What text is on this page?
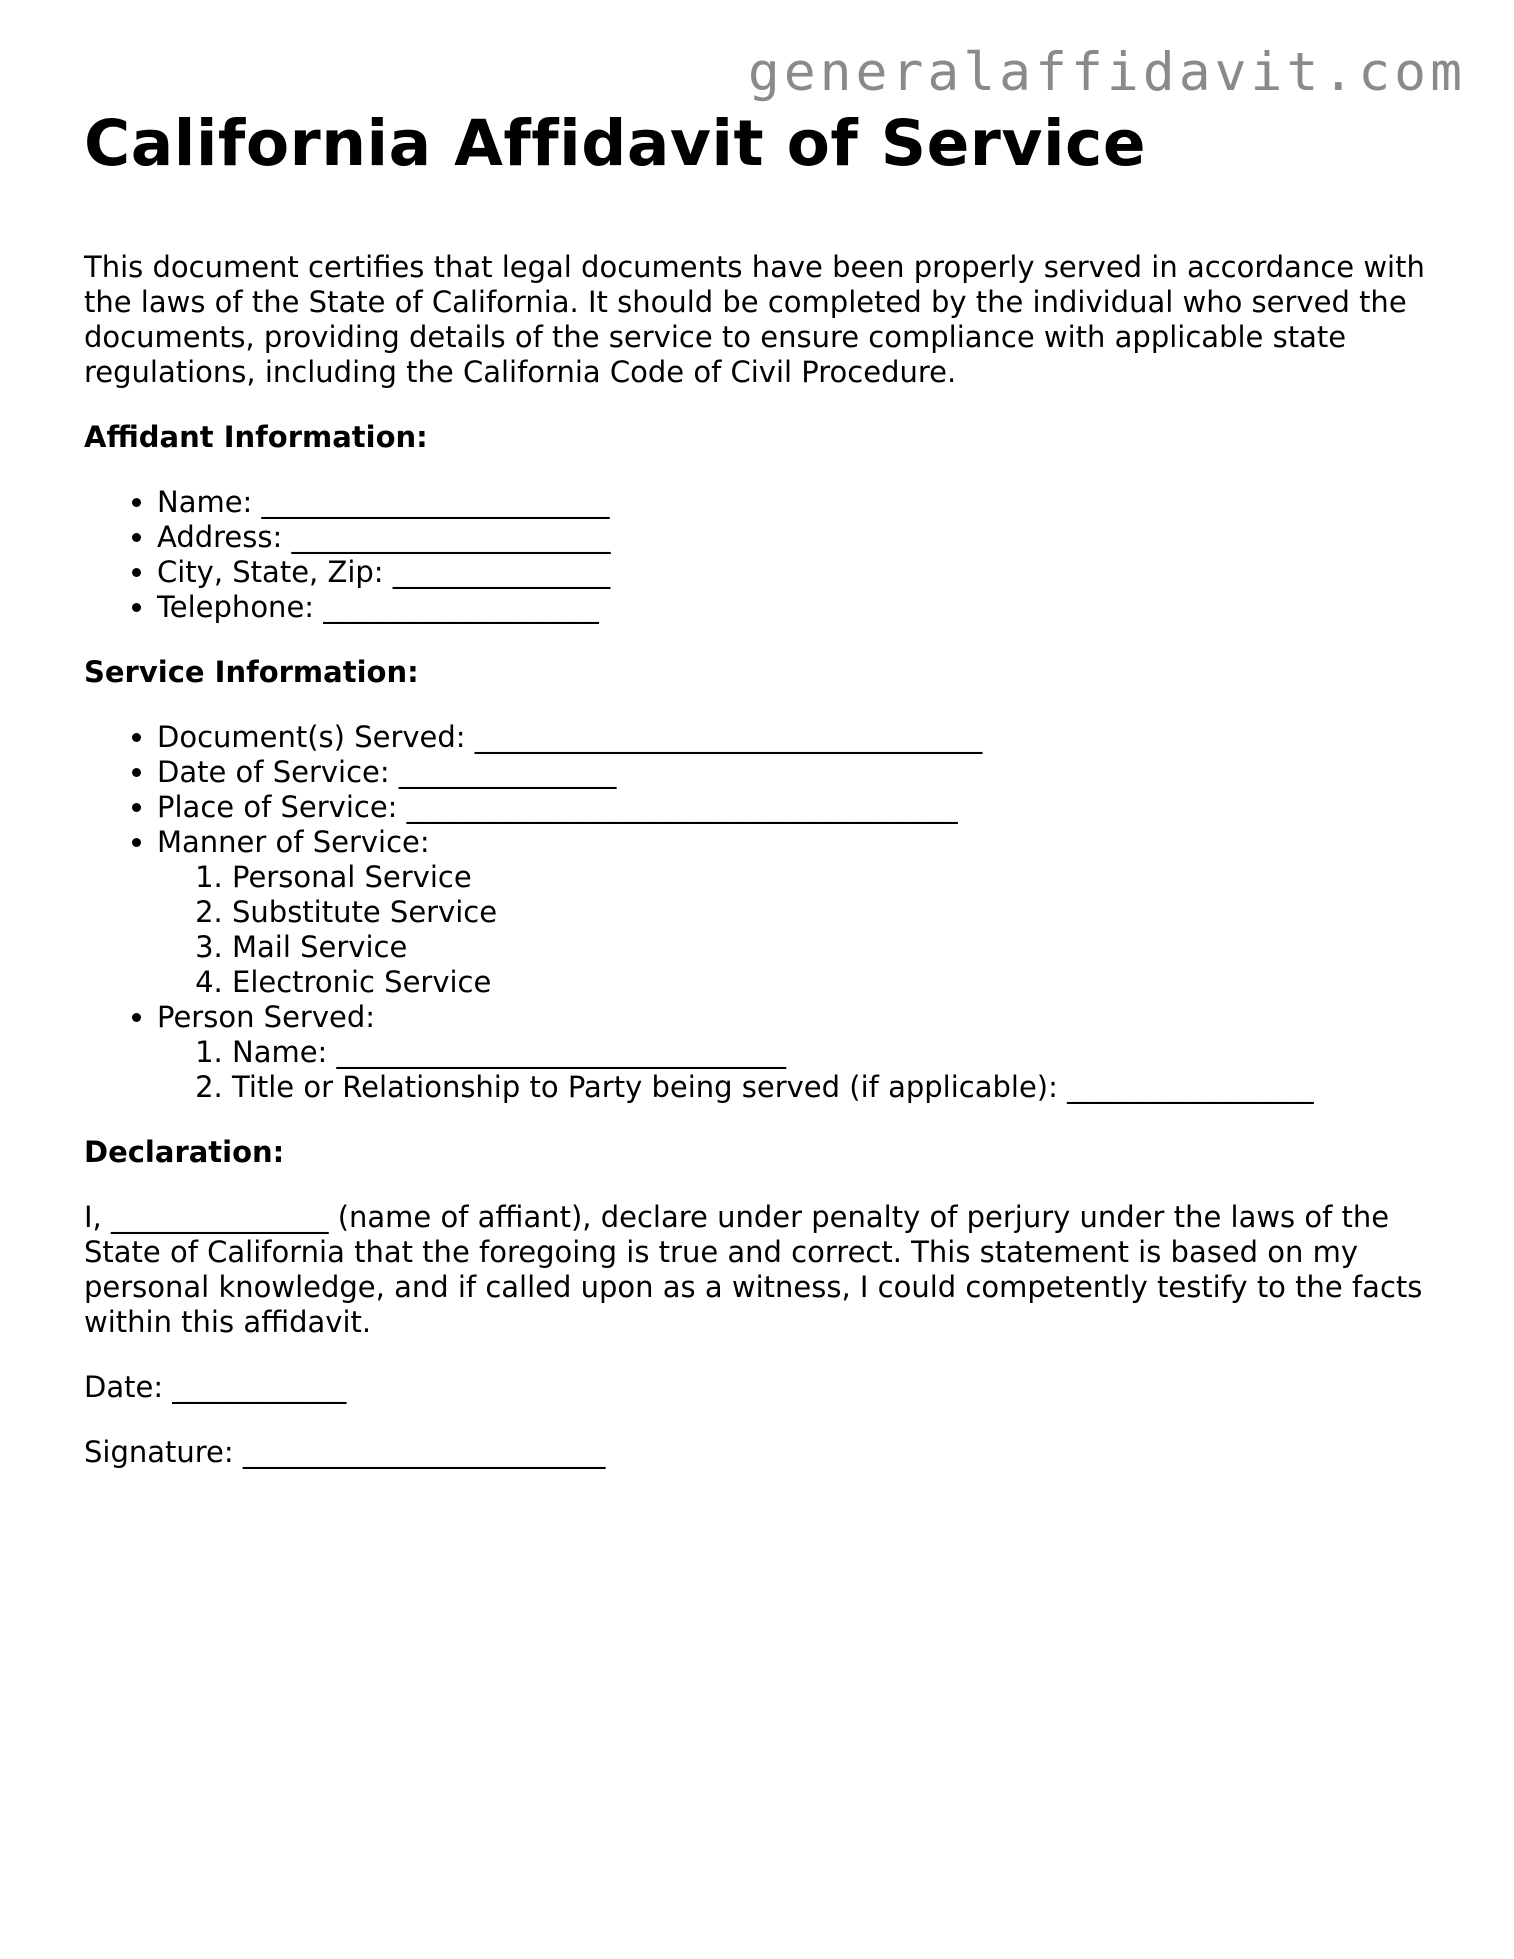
generalaffidavit.com
California Affidavit of Service

This document certifies that legal documents have been properly served in accordance with the laws of the State of California. It should be completed by the individual who served the documents, providing details of the service to ensure compliance with applicable state regulations, including the California Code of Civil Procedure.

Affidant Information:
• Name: ________________________
• Address: ______________________
• City, State, Zip: _______________
• Telephone: ___________________
Service Information:
• Document(s) Served: ___________________________________
• Date of Service: _______________
• Place of Service: ______________________________________
• Manner of Service:
1. Personal Service
2. Substitute Service
3. Mail Service
4. Electronic Service
• Person Served:
1. Name: _______________________________
2. Title or Relationship to Party being served (if applicable): _________________
Declaration:

I, _______________ (name of affiant), declare under penalty of perjury under the laws of the State of California that the foregoing is true and correct. This statement is based on my personal knowledge, and if called upon as a witness, I could competently testify to the facts within this affidavit.

Date: ____________

Signature: _________________________
